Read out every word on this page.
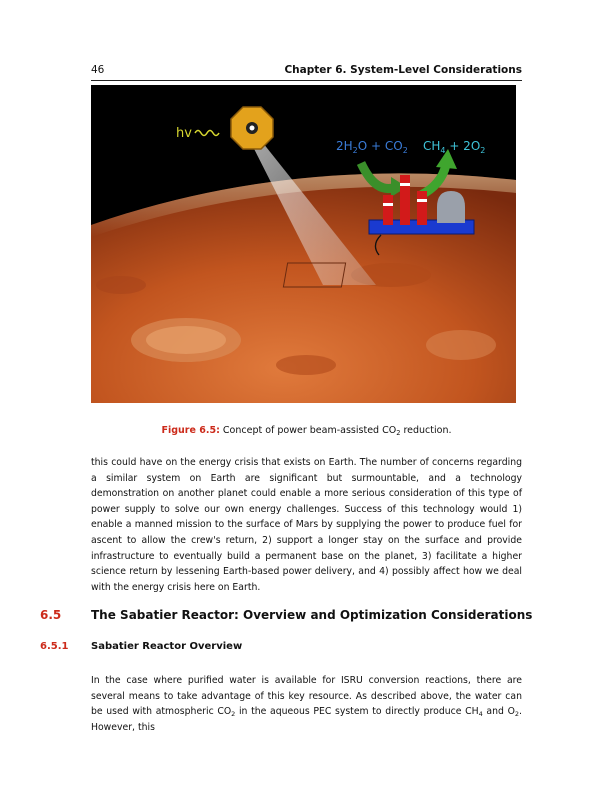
46	Chapter 6. System-Level Considerations
hv
$2H_2O + CO_2$ $CH_4 + 2O_2$
Figure 6.5: Concept of power beam-assisted $CO_2$ reduction.

this could have on the energy crisis that exists on Earth. The number of concerns regarding a similar system on Earth are significant but surmountable, and a technology demonstration on another planet could enable a more serious consideration of this type of power supply to solve our own energy challenges. Success of this technology would 1) enable a manned mission to the surface of Mars by supplying the power to produce fuel for ascent to allow the crew's return, 2) support a longer stay on the surface and provide infrastructure to eventually build a permanent base on the planet, 3) facilitate a higher science return by lessening Earth-based power delivery, and 4) possibly affect how we deal with the energy crisis here on Earth.

6.5 The Sabatier Reactor: Overview and Optimization Considerations
6.5.1 Sabatier Reactor Overview

In the case where purified water is available for ISRU conversion reactions, there are several means to take advantage of this key resource. As described above, the water can be used with atmospheric $CO_2$ in the aqueous PEC system to directly produce $CH_4$ and $O_2$. However, this
